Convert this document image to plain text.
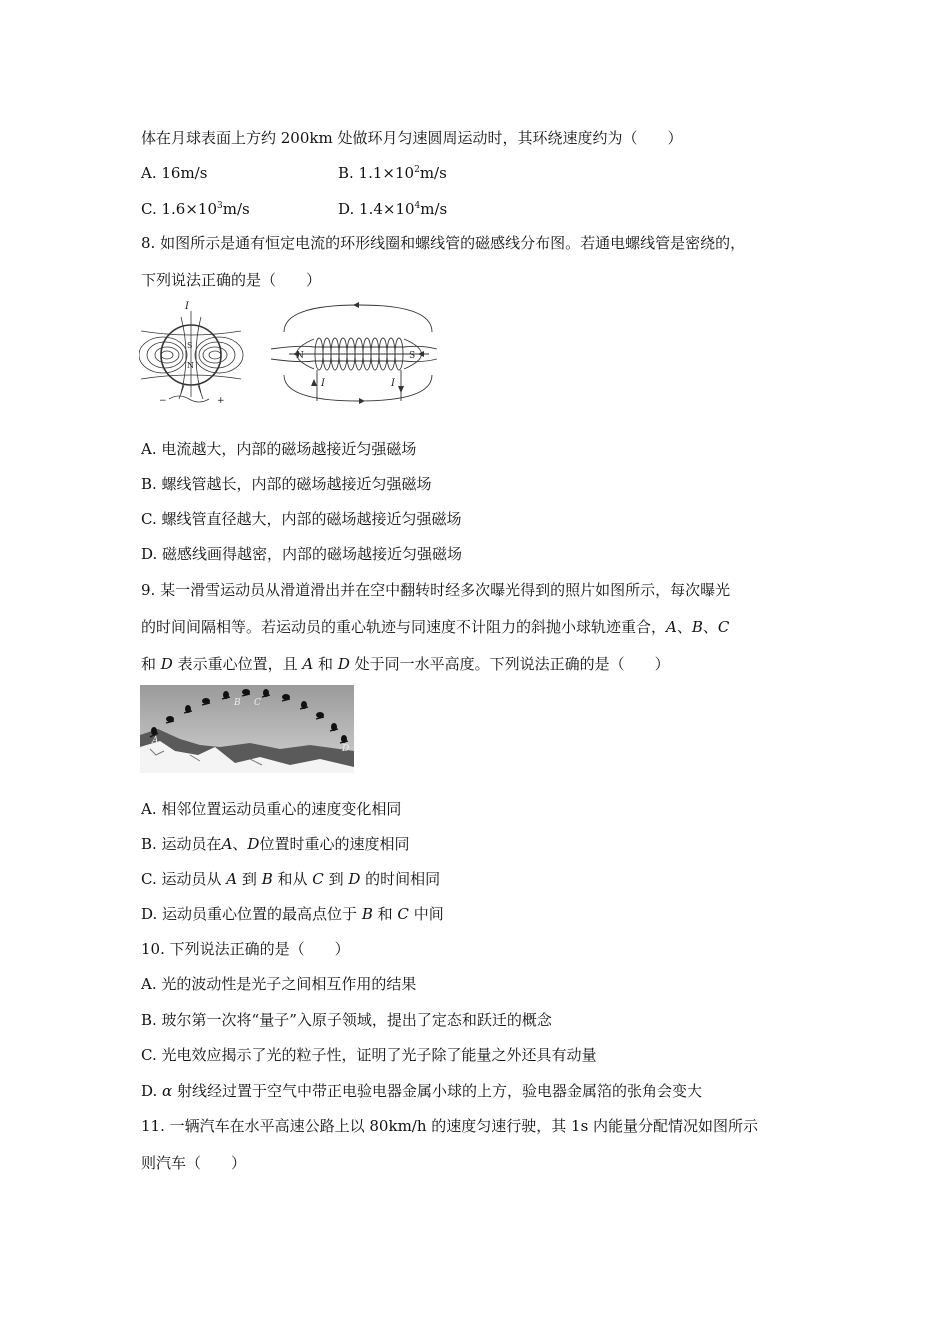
体在月球表面上方约 200km 处做环月匀速圆周运动时，其环绕速度约为（　　）
A. 16m/s	B. $1.1\times 10^2m/s$
C. $1.6\times 10^3m/s$	D. $1.4\times 10^4m/s$
8. 如图所示是通有恒定电流的环形线圈和螺线管的磁感线分布图。若通电螺线管是密绕的，
下列说法正确的是（　　）
I
S
N
−	+
N	S
I	I
A. 电流越大，内部的磁场越接近匀强磁场
B. 螺线管越长，内部的磁场越接近匀强磁场
C. 螺线管直径越大，内部的磁场越接近匀强磁场
D. 磁感线画得越密，内部的磁场越接近匀强磁场
9. 某一滑雪运动员从滑道滑出并在空中翻转时经多次曝光得到的照片如图所示，每次曝光
的时间间隔相等。若运动员的重心轨迹与同速度不计阻力的斜抛小球轨迹重合，A、B、C
和 D 表示重心位置，且 A 和 D 处于同一水平高度。下列说法正确的是（　　）
A
B C
D
A. 相邻位置运动员重心的速度变化相同
B. 运动员在A、D位置时重心的速度相同
C. 运动员从 A 到 B 和从 C 到 D 的时间相同
D. 运动员重心位置的最高点位于 B 和 C 中间
10. 下列说法正确的是（　　）
A. 光的波动性是光子之间相互作用的结果
B. 玻尔第一次将“量子”入原子领域，提出了定态和跃迁的概念
C. 光电效应揭示了光的粒子性，证明了光子除了能量之外还具有动量
D. α 射线经过置于空气中带正电验电器金属小球的上方，验电器金属箔的张角会变大
11. 一辆汽车在水平高速公路上以 80km/h 的速度匀速行驶，其 1s 内能量分配情况如图所示
则汽车（　　）
